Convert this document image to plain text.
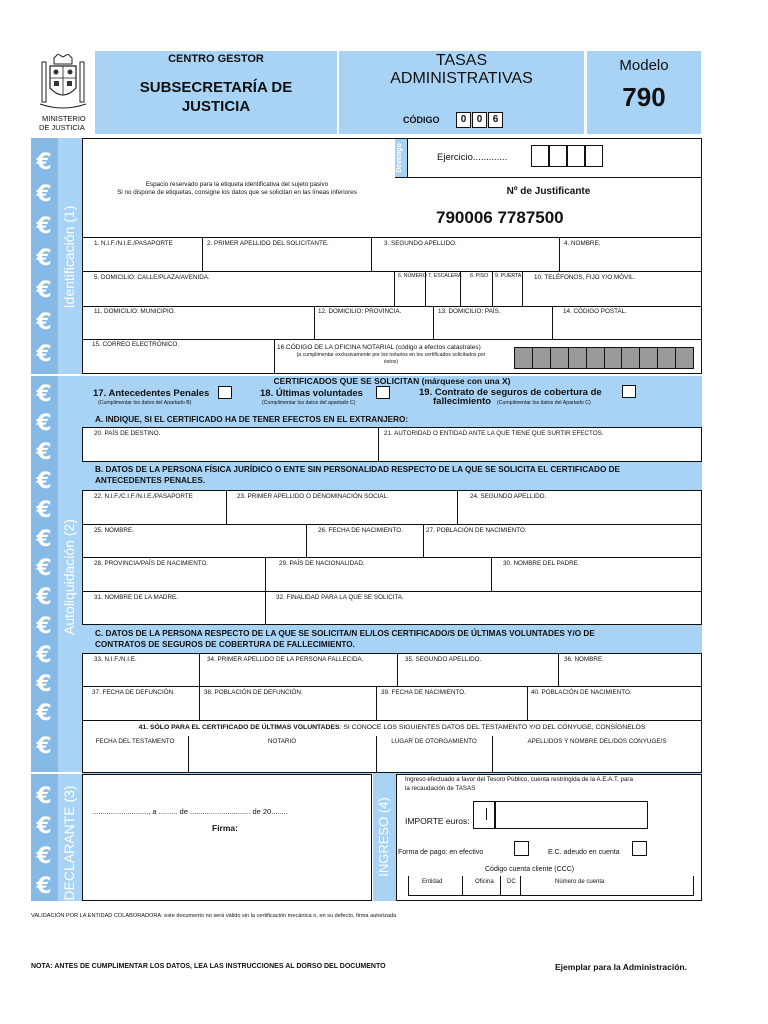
MINISTERIO
DE JUSTICIA
CENTRO GESTOR
SUBSECRETARÍA DE
JUSTICIA
TASAS
ADMINISTRATIVAS
CÓDIGO	0	0	6
Modelo
790
Identificación (1)
Autoliquidación (2)
DECLARANTE (3)
€
€
€
€
€
€
€
€
€
€
€
€
€
€
€
€
€
€
€
€
€
€
€
€
Espacio reservado para la etiqueta identificativa del sujeto pasivo
Si no dispone de etiquetas, consigne los datos que se solicitan en las líneas inferiores
Devengo	Ejercicio.............
Nº de Justificante
790006 7787500
1. N.I.F./N.I.E./PASAPORTE	2. PRIMER APELLIDO DEL SOLICITANTE.	3. SEGUNDO APELLIDO.	4. NOMBRE.
5. DOMICILIO: CALLE/PLAZA/AVENIDA.	6. NÚMERO 7. ESCALERA 8. PISO 9. PUERTA 10. TELÉFONOS, FIJO Y/O MÓVIL.
11. DOMICILIO: MUNICIPIO.	12. DOMICILIO: PROVINCIA.	13. DOMICILIO: PAÍS.	14. CÓDIGO POSTAL.
15. CORREO ELECTRÓNICO.	16.CÓDIGO DE LA OFICINA NOTARIAL (código a efectos catastrales)
(a cumplimentar exclusivamente por los notarios en los certificados solicitados por
éstos)
CERTIFICADOS QUE SE SOLICITAN (márquese con una X)
17. Antecedentes Penales
(Cumplimentar los datos del Apartado B)
18. Últimas voluntades
(Cumplimentar los datos del apartado C)
19. Contrato de seguros de cobertura de
fallecimiento (Cumplimentar los datos del Apartado C)
A. INDIQUE, SI EL CERTIFICADO HA DE TENER EFECTOS EN EL EXTRANJERO:
20. PAÍS DE DESTINO.	21. AUTORIDAD O ENTIDAD ANTE LA QUE TIENE QUE SURTIR EFECTOS.
B. DATOS DE LA PERSONA FÍSICA JURÍDICO O ENTE SIN PERSONALIDAD RESPECTO DE LA QUE SE SOLICITA EL CERTIFICADO DE
ANTECEDENTES PENALES.
22. N.I.F./C.I.F./N.I.E./PASAPORTE	23. PRIMER APELLIDO O DENOMINACIÓN SOCIAL.	24. SEGUNDO APELLIDO.
25. NOMBRE.	26. FECHA DE NACIMIENTO.	27. POBLACIÓN DE NACIMIENTO.
28. PROVINCIA/PAÍS DE NACIMIENTO.	29. PAÍS DE NACIONALIDAD.	30. NOMBRE DEL PADRE.
31. NOMBRE DE LA MADRE.	32. FINALIDAD PARA LA QUE SE SOLICITA.
C. DATOS DE LA PERSONA RESPECTO DE LA QUE SE SOLICITA/N EL/LOS CERTIFICADO/S DE ÚLTIMAS VOLUNTADES Y/O DE
CONTRATOS DE SEGUROS DE COBERTURA DE FALLECIMIENTO.
33. N.I.F./N.I.E.	34. PRIMER APELLIDO DE LA PERSONA FALLECIDA.	35. SEGUNDO APELLIDO.	36. NOMBRE.
37. FECHA DE DEFUNCIÓN.	38. POBLACIÓN DE DEFUNCIÓN.	39. FECHA DE NACIMIENTO.	40. POBLACIÓN DE NACIMIENTO.
41. SÓLO PARA EL CERTIFICADO DE ÚLTIMAS VOLUNTADES: SI CONOCE LOS SIGUIENTES DATOS DEL TESTAMENTO Y/O DEL CÓNYUGE, CONSÍGNELOS
FECHA DEL TESTAMENTO	NOTARIO	LUGAR DE OTORGAMIENTO	APELLIDOS Y NOMBRE DEL/DOS CONYUGE/S
..........................., a ......... de ............................. de 20........
Firma:	INGRESO (4)
Ingreso efectuado a favor del Tesoro Público, cuenta restringida de la A.E.A.T. para
la recaudación de TASAS
IMPORTE euros:
Forma de pago: en efectivo	E.C. adeudo en cuenta
Código cuenta cliente (CCC)
Entidad	Oficina DC	Número de cuenta
VALIDACIÓN POR LA ENTIDAD COLABORADORA: este documento no será válido sin la certificación mecánica o, en su defecto, firma autorizada
NOTA: ANTES DE CUMPLIMENTAR LOS DATOS, LEA LAS INSTRUCCIONES AL DORSO DEL DOCUMENTO	Ejemplar para la Administración.
